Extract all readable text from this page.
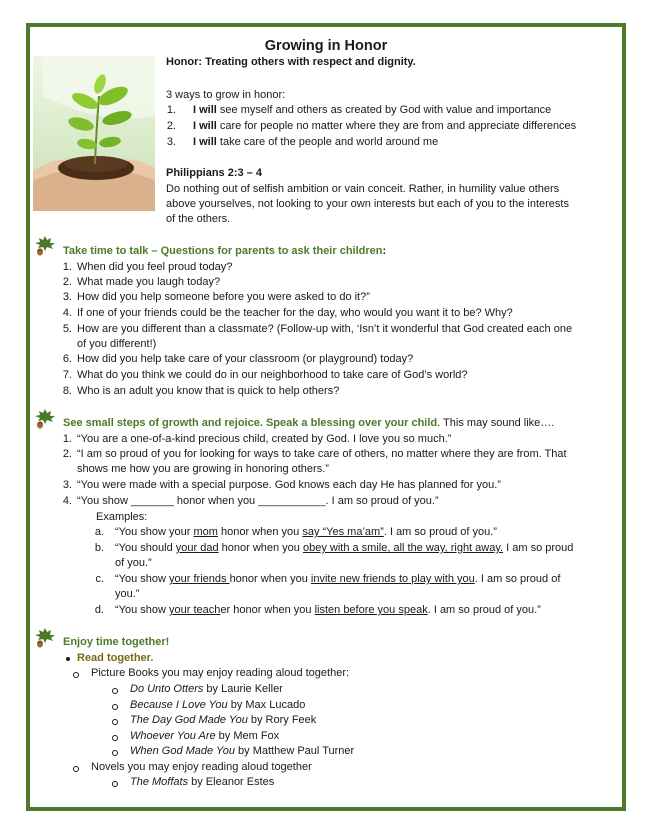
Growing in Honor
Honor: Treating others with respect and dignity.
3 ways to grow in honor:
1. I will see myself and others as created by God with value and importance
2. I will care for people no matter where they are from and appreciate differences
3. I will take care of the people and world around me
Philippians 2:3 – 4
Do nothing out of selfish ambition or vain conceit. Rather, in humility value others
above yourselves, not looking to your own interests but each of you to the interests
of the others.
Take time to talk – Questions for parents to ask their children:
1. When did you feel proud today?
2. What made you laugh today?
3. How did you help someone before you were asked to do it?”
4. If one of your friends could be the teacher for the day, who would you want it to be? Why?
5. How are you different than a classmate? (Follow-up with, ‘Isn’t it wonderful that God created each one
of you different!)
6. How did you help take care of your classroom (or playground) today?
7. What do you think we could do in our neighborhood to take care of God’s world?
8. Who is an adult you know that is quick to help others?
See small steps of growth and rejoice. Speak a blessing over your child. This may sound like….
1. “You are a one-of-a-kind precious child, created by God. I love you so much.”
2. “I am so proud of you for looking for ways to take care of others, no matter where they are from. That
shows me how you are growing in honoring others.”
3. “You were made with a special purpose. God knows each day He has planned for you.”
4. “You show _______ honor when you ___________. I am so proud of you.”
Examples:
a. “You show your mom honor when you say “Yes ma’am”. I am so proud of you.”
b. “You should your dad honor when you obey with a smile, all the way, right away. I am so proud
of you.”
c. “You show your friends honor when you invite new friends to play with you. I am so proud of
you.”
d. “You show your teacher honor when you listen before you speak. I am so proud of you.”
Enjoy time together!
Read together.
Picture Books you may enjoy reading aloud together:
Do Unto Otters by Laurie Keller
Because I Love You by Max Lucado
The Day God Made You by Rory Feek
Whoever You Are by Mem Fox
When God Made You by Matthew Paul Turner
Novels you may enjoy reading aloud together
The Moffats by Eleanor Estes
